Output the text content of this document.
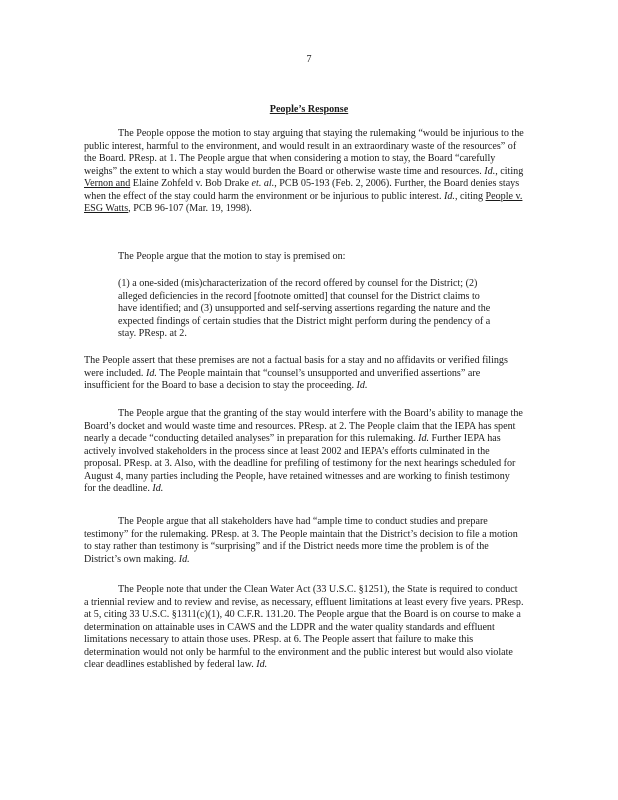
7
People’s Response

The People oppose the motion to stay arguing that staying the rulemaking “would be injurious to the public interest, harmful to the environment, and would result in an extraordinary waste of the resources” of the Board. PResp. at 1. The People argue that when considering a motion to stay, the Board “carefully weighs” the extent to which a stay would burden the Board or otherwise waste time and resources. Id., citing Vernon and Elaine Zohfeld v. Bob Drake et. al., PCB 05-193 (Feb. 2, 2006). Further, the Board denies stays when the effect of the stay could harm the environment or be injurious to public interest. Id., citing People v. ESG Watts, PCB 96-107 (Mar. 19, 1998).

The People argue that the motion to stay is premised on:

(1) a one-sided (mis)characterization of the record offered by counsel for the District; (2) alleged deficiencies in the record [footnote omitted] that counsel for the District claims to have identified; and (3) unsupported and self-serving assertions regarding the nature and the expected findings of certain studies that the District might perform during the pendency of a stay. PResp. at 2.

The People assert that these premises are not a factual basis for a stay and no affidavits or verified filings were included. Id. The People maintain that “counsel’s unsupported and unverified assertions” are insufficient for the Board to base a decision to stay the proceeding. Id.

The People argue that the granting of the stay would interfere with the Board’s ability to manage the Board’s docket and would waste time and resources. PResp. at 2. The People claim that the IEPA has spent nearly a decade “conducting detailed analyses” in preparation for this rulemaking. Id. Further IEPA has actively involved stakeholders in the process since at least 2002 and IEPA’s efforts culminated in the proposal. PResp. at 3. Also, with the deadline for prefiling of testimony for the next hearings scheduled for August 4, many parties including the People, have retained witnesses and are working to finish testimony for the deadline. Id.

The People argue that all stakeholders have had “ample time to conduct studies and prepare testimony” for the rulemaking. PResp. at 3. The People maintain that the District’s decision to file a motion to stay rather than testimony is “surprising” and if the District needs more time the problem is of the District’s own making. Id.

The People note that under the Clean Water Act (33 U.S.C. §1251), the State is required to conduct a triennial review and to review and revise, as necessary, effluent limitations at least every five years. PResp. at 5, citing 33 U.S.C. §1311(c)(1), 40 C.F.R. 131.20. The People argue that the Board is on course to make a determination on attainable uses in CAWS and the LDPR and the water quality standards and effluent limitations necessary to attain those uses. PResp. at 6. The People assert that failure to make this determination would not only be harmful to the environment and the public interest but would also violate clear deadlines established by federal law. Id.
